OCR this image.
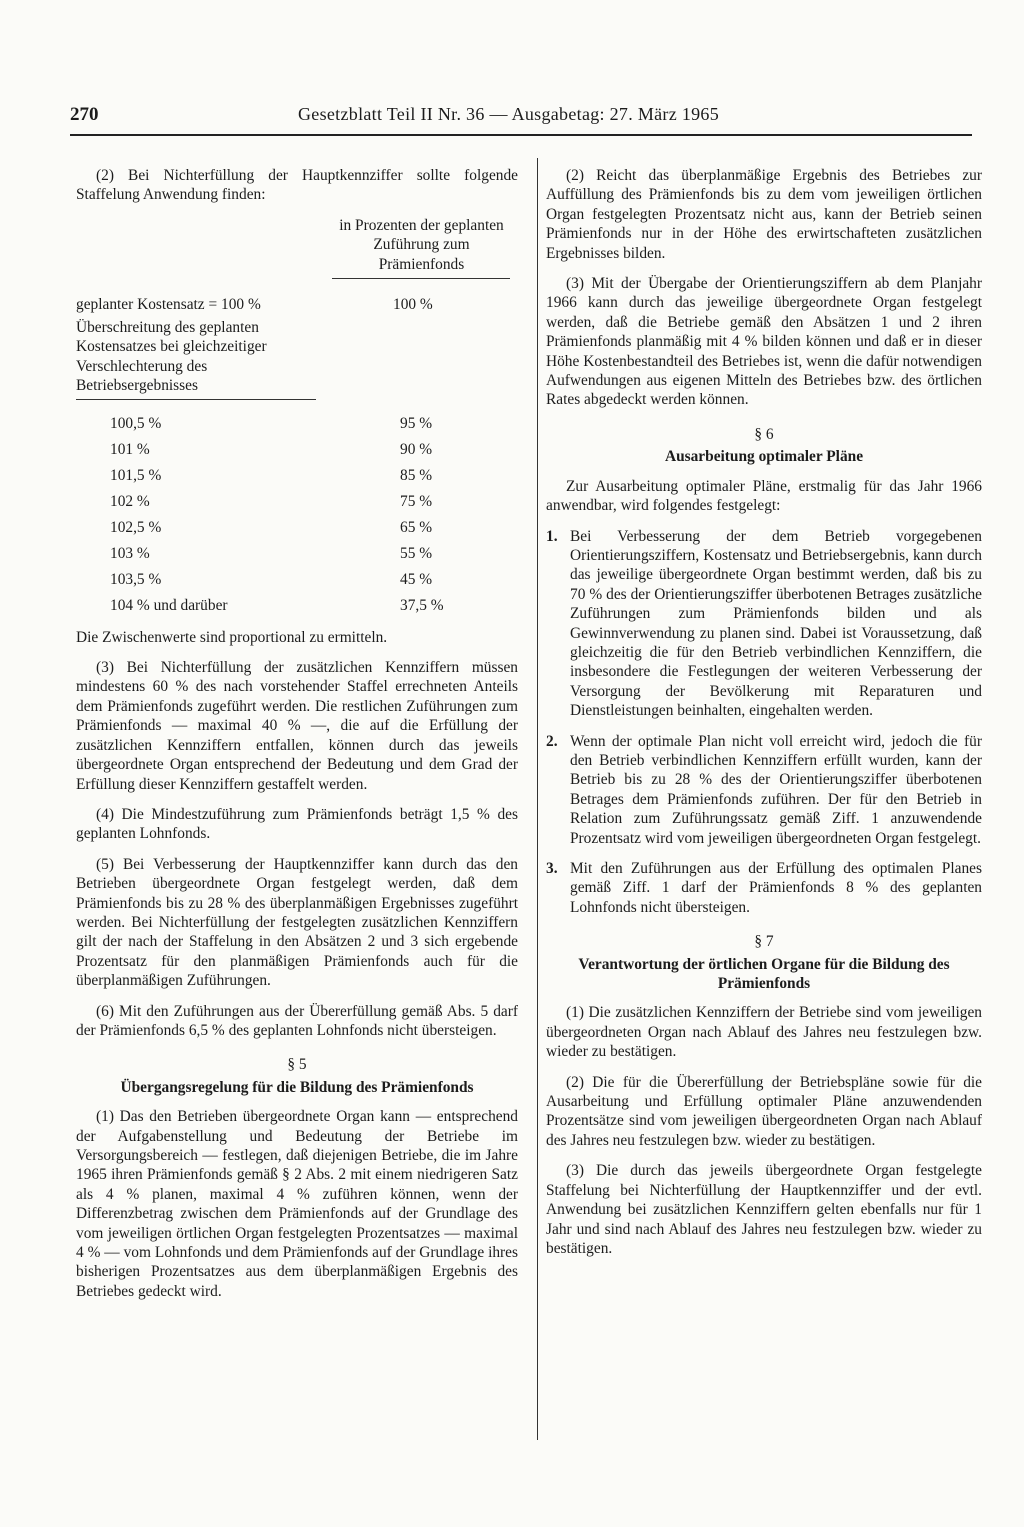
270	Gesetzblatt Teil II Nr. 36 — Ausgabetag: 27. März 1965

(2) Bei Nichterfüllung der Hauptkennziffer sollte folgende Staffelung Anwendung finden:

in Prozenten der geplanten Zuführung zum Prämienfonds

geplanter Kostensatz = 100 %	100 %

Überschreitung des geplanten Kostensatzes bei gleichzeitiger Verschlechterung des Betriebsergebnisses

100,5 %	95 %
101 %	90 %
101,5 %	85 %
102 %	75 %
102,5 %	65 %
103 %	55 %
103,5 %	45 %
104 % und darüber	37,5 %

Die Zwischenwerte sind proportional zu ermitteln.

(3) Bei Nichterfüllung der zusätzlichen Kennziffern müssen mindestens 60 % des nach vorstehender Staffel errechneten Anteils dem Prämienfonds zugeführt werden. Die restlichen Zuführungen zum Prämienfonds — maximal 40 % —, die auf die Erfüllung der zusätzlichen Kennziffern entfallen, können durch das jeweils übergeordnete Organ entsprechend der Bedeutung und dem Grad der Erfüllung dieser Kennziffern gestaffelt werden.

(4) Die Mindestzuführung zum Prämienfonds beträgt 1,5 % des geplanten Lohnfonds.

(5) Bei Verbesserung der Hauptkennziffer kann durch das den Betrieben übergeordnete Organ festgelegt werden, daß dem Prämienfonds bis zu 28 % des überplanmäßigen Ergebnisses zugeführt werden. Bei Nichterfüllung der festgelegten zusätzlichen Kennziffern gilt der nach der Staffelung in den Absätzen 2 und 3 sich ergebende Prozentsatz für den planmäßigen Prämienfonds auch für die überplanmäßigen Zuführungen.

(6) Mit den Zuführungen aus der Übererfüllung gemäß Abs. 5 darf der Prämienfonds 6,5 % des geplanten Lohnfonds nicht übersteigen.

§ 5

Übergangsregelung für die Bildung des Prämienfonds

(1) Das den Betrieben übergeordnete Organ kann — entsprechend der Aufgabenstellung und Bedeutung der Betriebe im Versorgungsbereich — festlegen, daß diejenigen Betriebe, die im Jahre 1965 ihren Prämienfonds gemäß § 2 Abs. 2 mit einem niedrigeren Satz als 4 % planen, maximal 4 % zuführen können, wenn der Differenzbetrag zwischen dem Prämienfonds auf der Grundlage des vom jeweiligen örtlichen Organ festgelegten Prozentsatzes — maximal 4 % — vom Lohnfonds und dem Prämienfonds auf der Grundlage ihres bisherigen Prozentsatzes aus dem überplanmäßigen Ergebnis des Betriebes gedeckt wird.

(2) Reicht das überplanmäßige Ergebnis des Betriebes zur Auffüllung des Prämienfonds bis zu dem vom jeweiligen örtlichen Organ festgelegten Prozentsatz nicht aus, kann der Betrieb seinen Prämienfonds nur in der Höhe des erwirtschafteten zusätzlichen Ergebnisses bilden.

(3) Mit der Übergabe der Orientierungsziffern ab dem Planjahr 1966 kann durch das jeweilige übergeordnete Organ festgelegt werden, daß die Betriebe gemäß den Absätzen 1 und 2 ihren Prämienfonds planmäßig mit 4 % bilden können und daß er in dieser Höhe Kostenbestandteil des Betriebes ist, wenn die dafür notwendigen Aufwendungen aus eigenen Mitteln des Betriebes bzw. des örtlichen Rates abgedeckt werden können.

§ 6

Ausarbeitung optimaler Pläne

Zur Ausarbeitung optimaler Pläne, erstmalig für das Jahr 1966 anwendbar, wird folgendes festgelegt:

1. Bei Verbesserung der dem Betrieb vorgegebenen Orientierungsziffern, Kostensatz und Betriebsergebnis, kann durch das jeweilige übergeordnete Organ bestimmt werden, daß bis zu 70 % des der Orientierungsziffer überbotenen Betrages zusätzliche Zuführungen zum Prämienfonds bilden und als Gewinnverwendung zu planen sind. Dabei ist Voraussetzung, daß gleichzeitig die für den Betrieb verbindlichen Kennziffern, die insbesondere die Festlegungen der weiteren Verbesserung der Versorgung der Bevölkerung mit Reparaturen und Dienstleistungen beinhalten, eingehalten werden.
2. Wenn der optimale Plan nicht voll erreicht wird, jedoch die für den Betrieb verbindlichen Kennziffern erfüllt wurden, kann der Betrieb bis zu 28 % des der Orientierungsziffer überbotenen Betrages dem Prämienfonds zuführen. Der für den Betrieb in Relation zum Zuführungssatz gemäß Ziff. 1 anzuwendende Prozentsatz wird vom jeweiligen übergeordneten Organ festgelegt.
3. Mit den Zuführungen aus der Erfüllung des optimalen Planes gemäß Ziff. 1 darf der Prämienfonds 8 % des geplanten Lohnfonds nicht übersteigen.

§ 7

Verantwortung der örtlichen Organe für die Bildung des Prämienfonds

(1) Die zusätzlichen Kennziffern der Betriebe sind vom jeweiligen übergeordneten Organ nach Ablauf des Jahres neu festzulegen bzw. wieder zu bestätigen.

(2) Die für die Übererfüllung der Betriebspläne sowie für die Ausarbeitung und Erfüllung optimaler Pläne anzuwendenden Prozentsätze sind vom jeweiligen übergeordneten Organ nach Ablauf des Jahres neu festzulegen bzw. wieder zu bestätigen.

(3) Die durch das jeweils übergeordnete Organ festgelegte Staffelung bei Nichterfüllung der Hauptkennziffer und der evtl. Anwendung bei zusätzlichen Kennziffern gelten ebenfalls nur für 1 Jahr und sind nach Ablauf des Jahres neu festzulegen bzw. wieder zu bestätigen.
